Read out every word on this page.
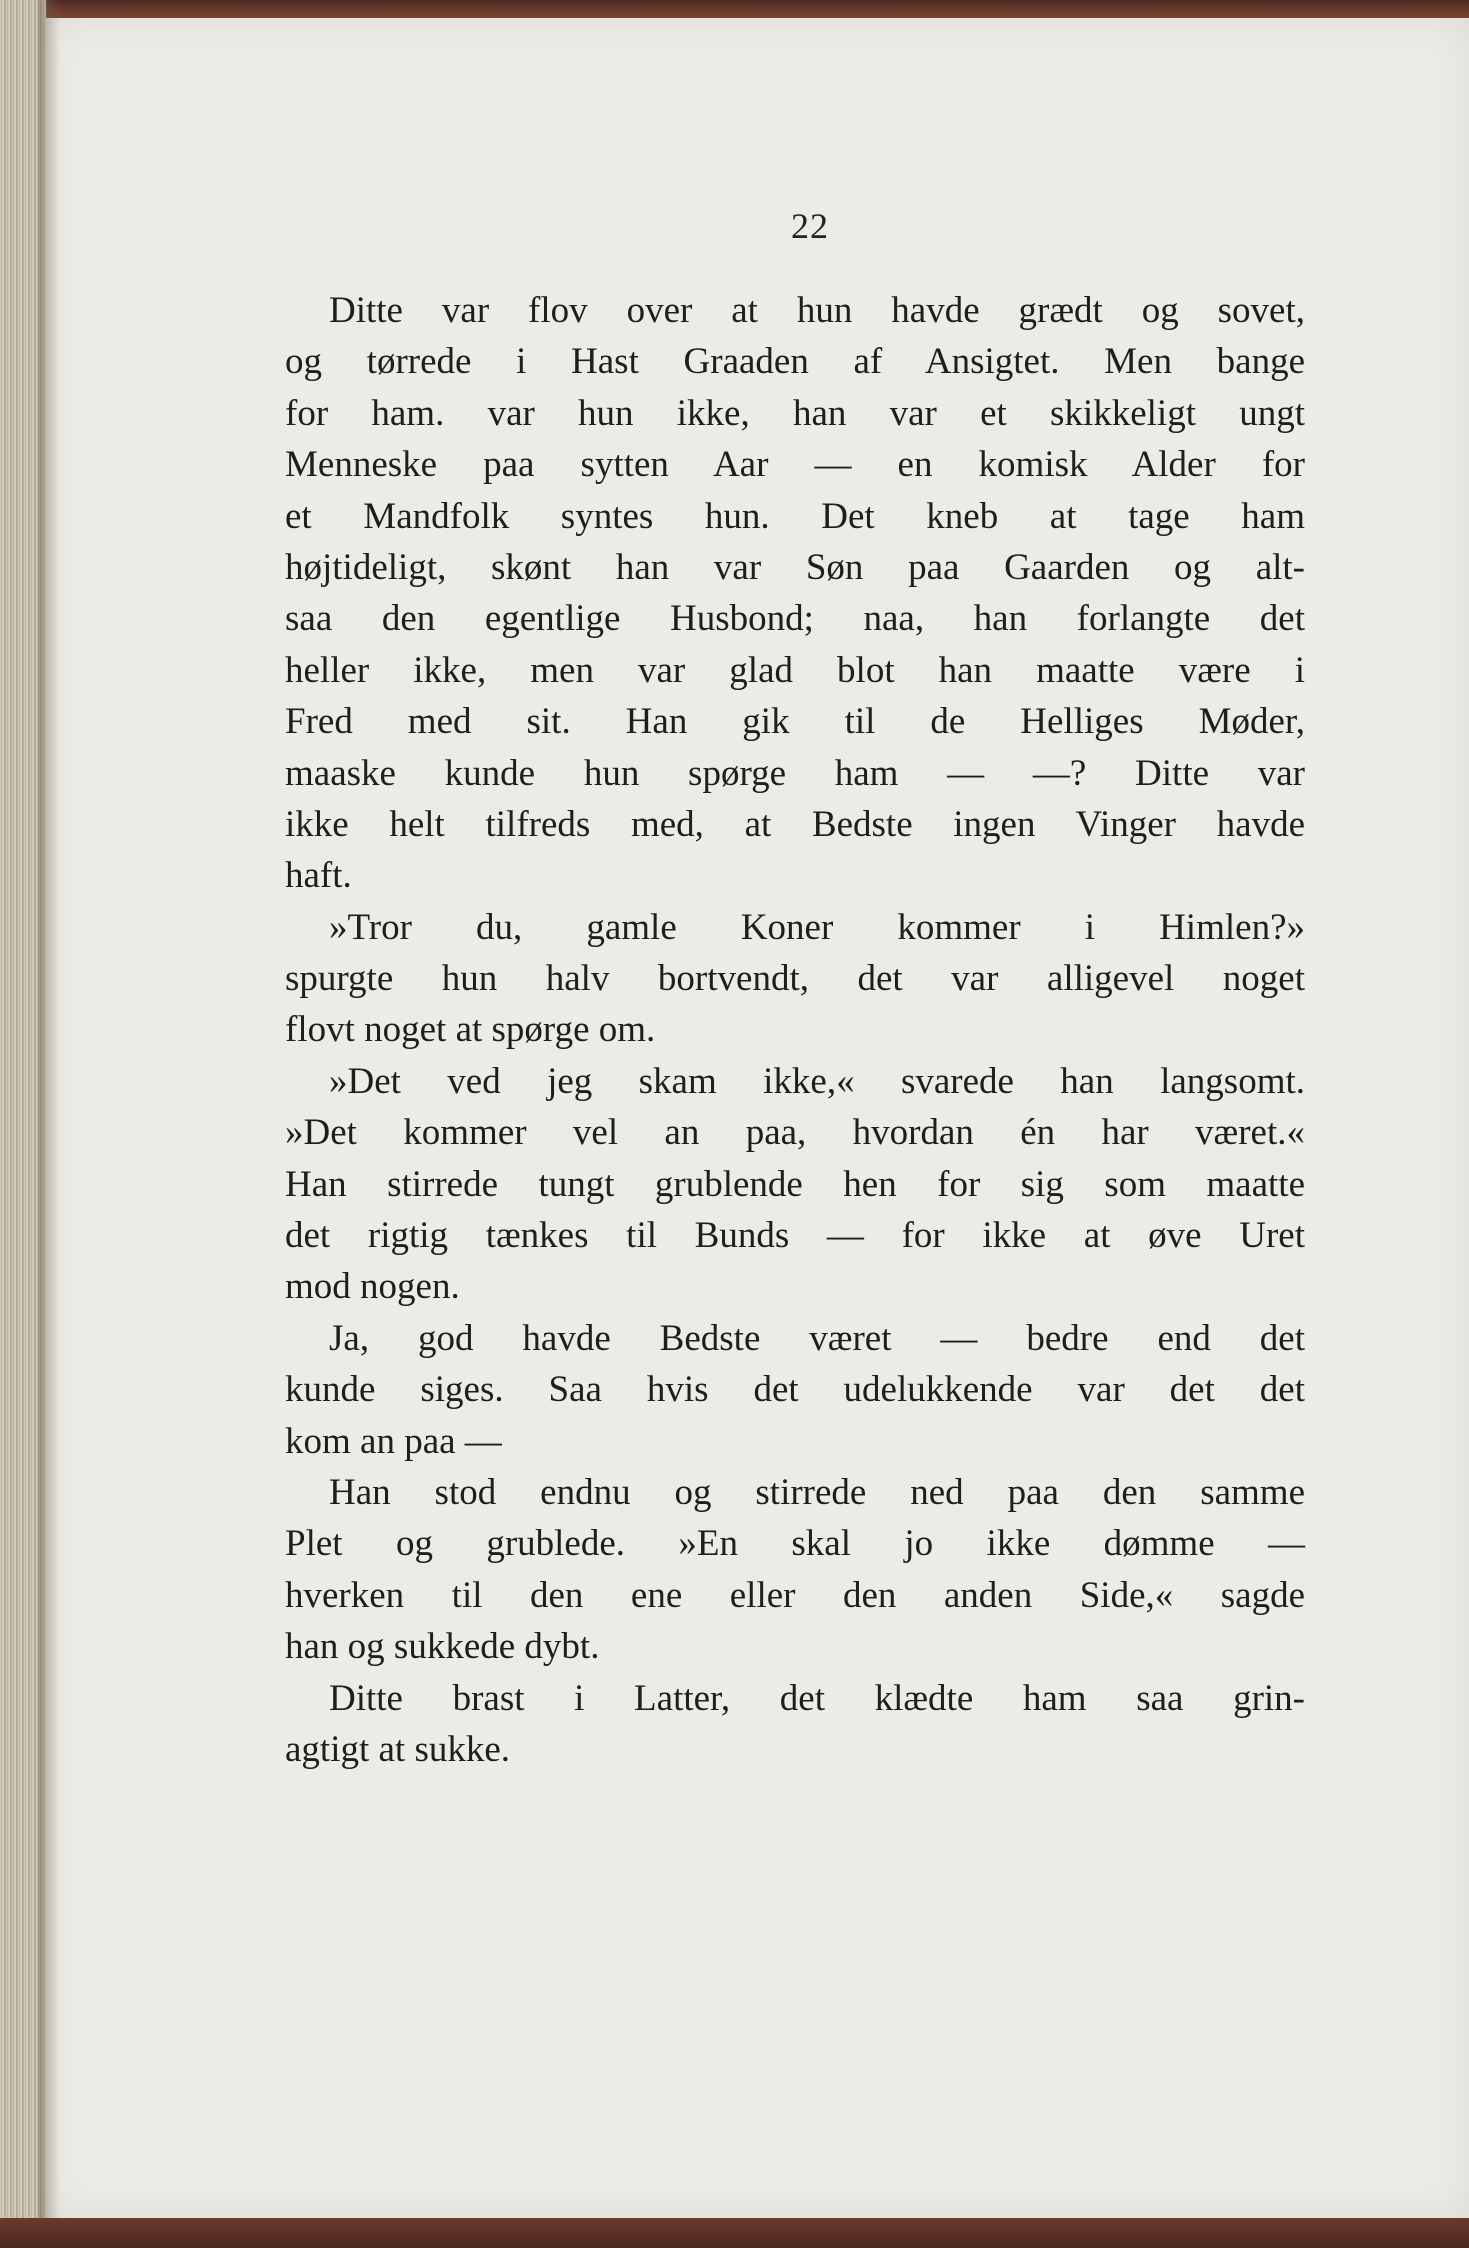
22
Ditte var flov over at hun havde grædt og sovet,
og tørrede i Hast Graaden af Ansigtet. Men bange
for ham. var hun ikke, han var et skikkeligt ungt
Menneske paa sytten Aar — en komisk Alder for
et Mandfolk syntes hun. Det kneb at tage ham
højtideligt, skønt han var Søn paa Gaarden og alt-
saa den egentlige Husbond; naa, han forlangte det
heller ikke, men var glad blot han maatte være i
Fred med sit. Han gik til de Helliges Møder,
maaske kunde hun spørge ham — —? Ditte var
ikke helt tilfreds med, at Bedste ingen Vinger havde
haft.
»Tror du, gamle Koner kommer i Himlen?»
spurgte hun halv bortvendt, det var alligevel noget
flovt noget at spørge om.
»Det ved jeg skam ikke,« svarede han langsomt.
»Det kommer vel an paa, hvordan én har været.«
Han stirrede tungt grublende hen for sig som maatte
det rigtig tænkes til Bunds — for ikke at øve Uret
mod nogen.
Ja, god havde Bedste været — bedre end det
kunde siges. Saa hvis det udelukkende var det det
kom an paa —
Han stod endnu og stirrede ned paa den samme
Plet og grublede. »En skal jo ikke dømme —
hverken til den ene eller den anden Side,« sagde
han og sukkede dybt.
Ditte brast i Latter, det klædte ham saa grin-
agtigt at sukke.
